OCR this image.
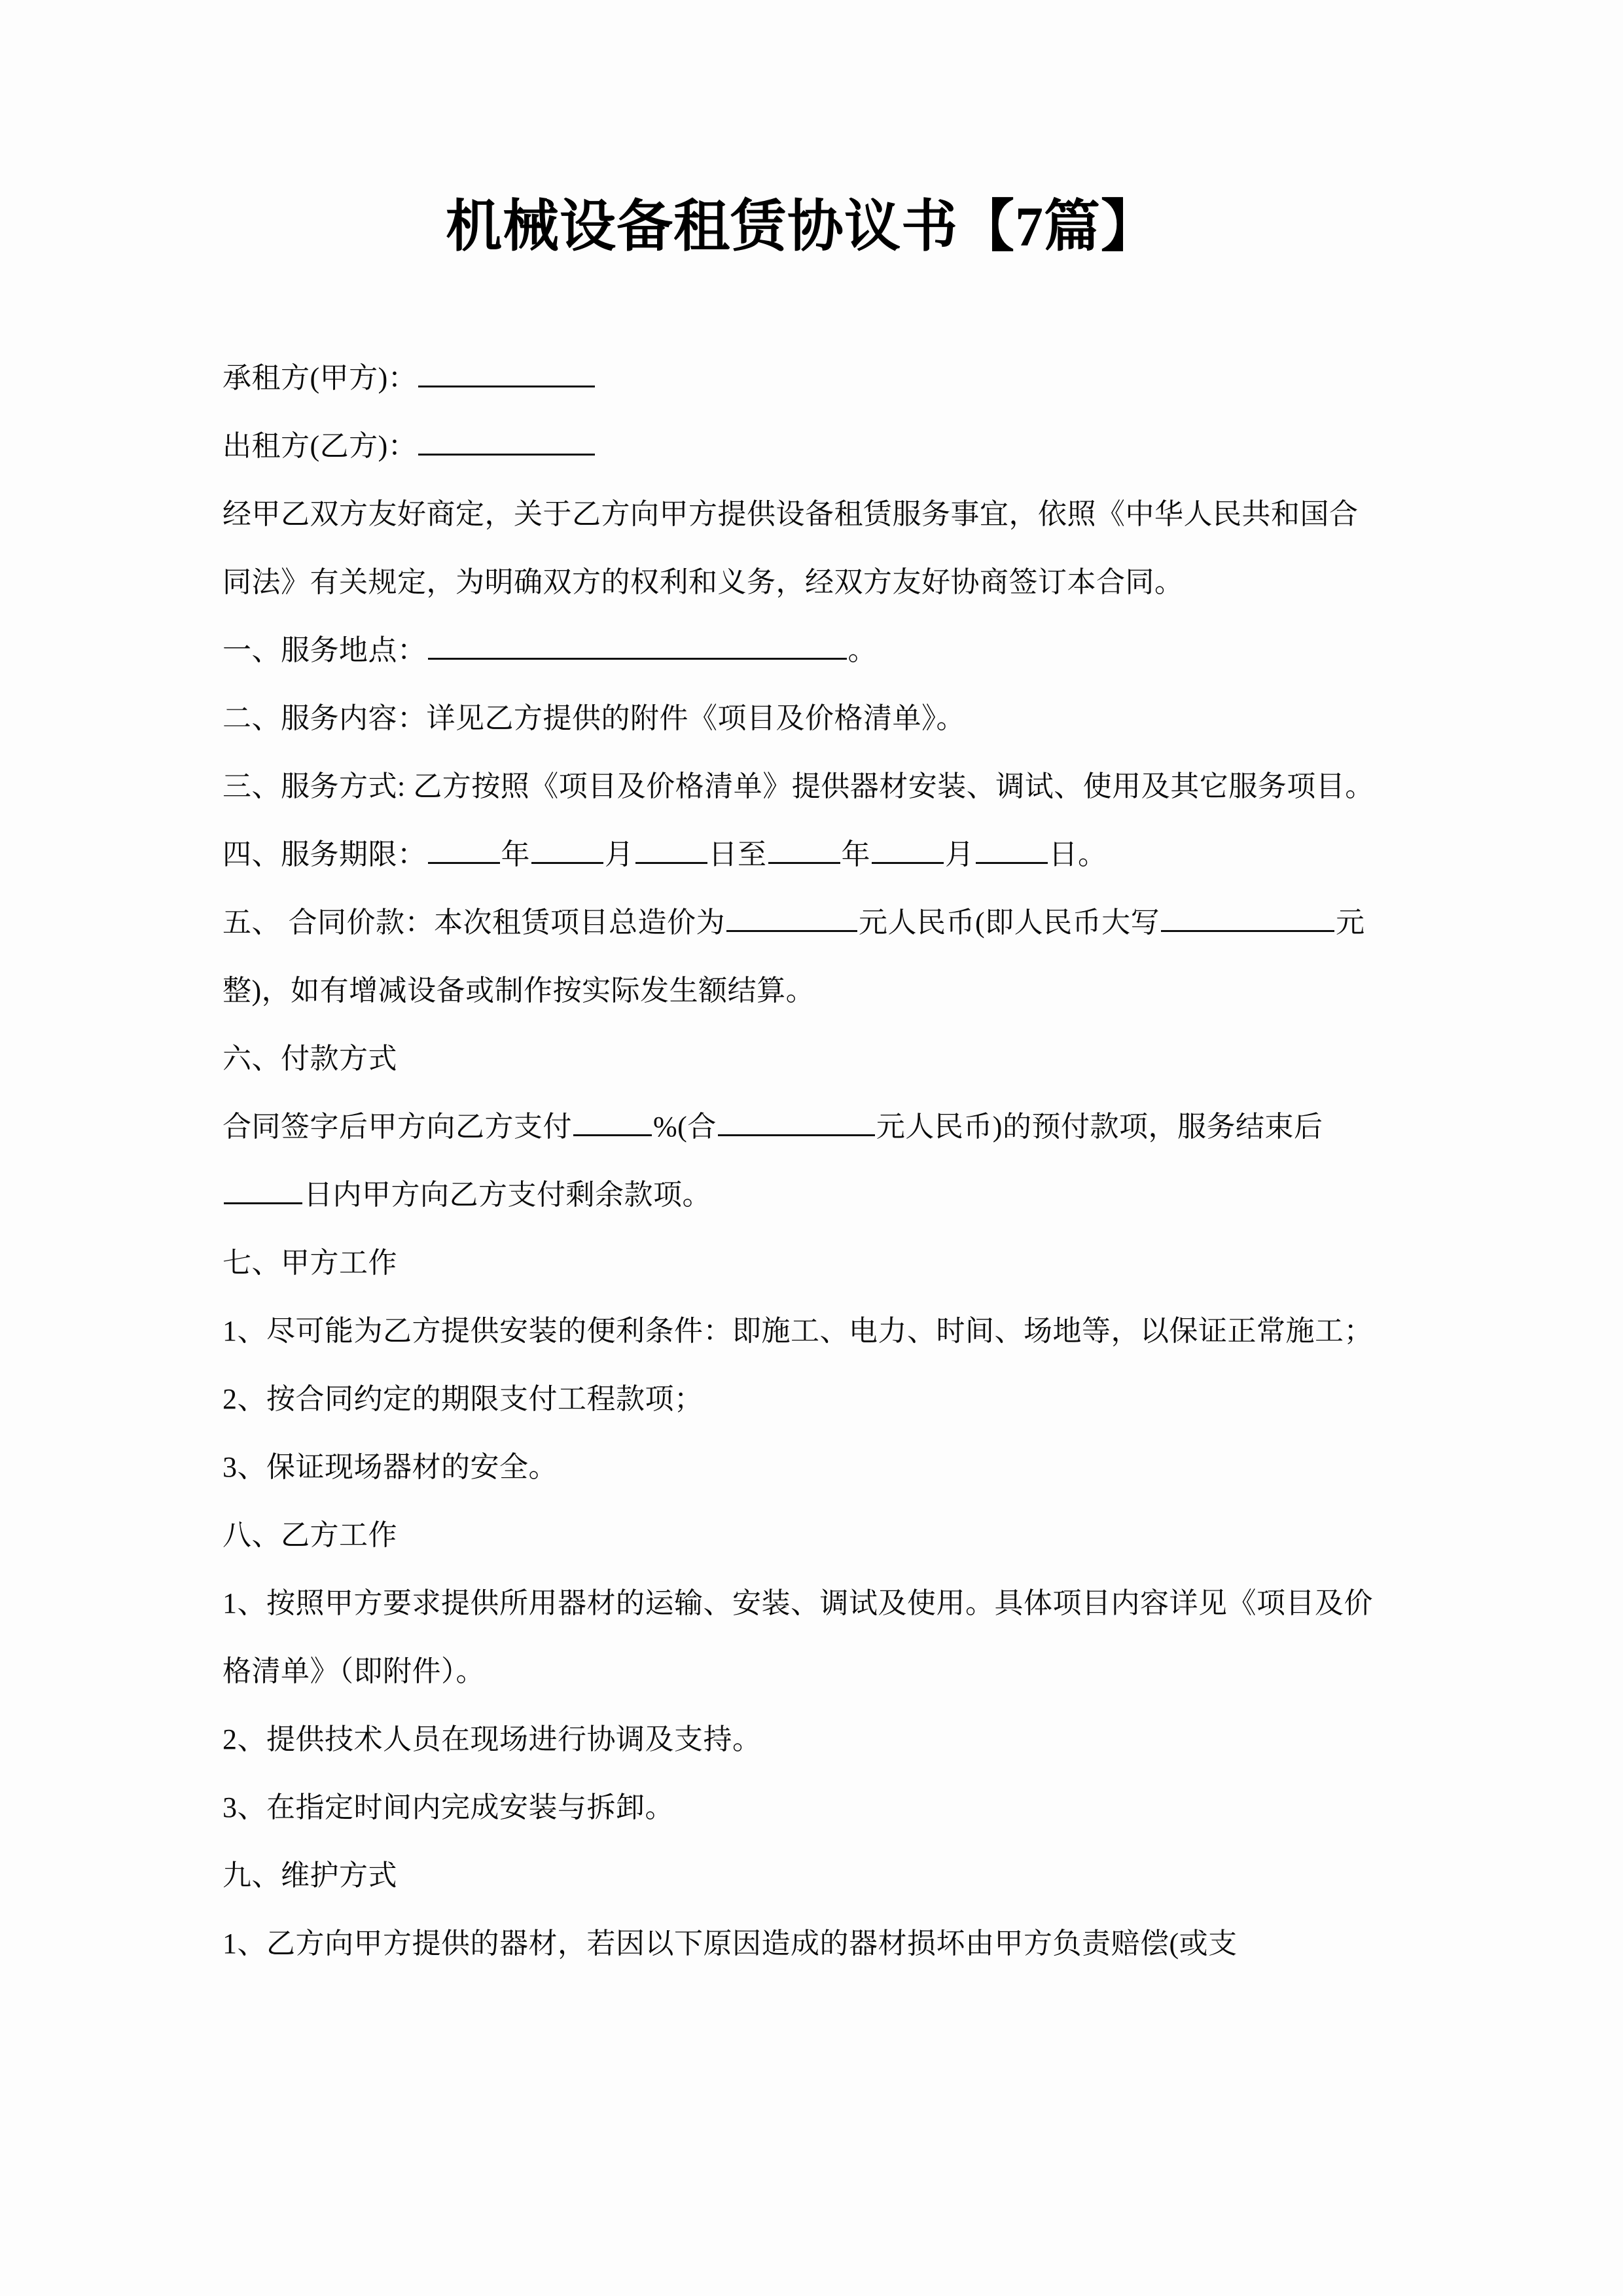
机械设备租赁协议书【7篇】

承租方(甲方)：

出租方(乙方)：

经甲乙双方友好商定，关于乙方向甲方提供设备租赁服务事宜，依照《中华人民共和国合同法》有关规定，为明确双方的权利和义务，经双方友好协商签订本合同。

一、服务地点：	。

二、服务内容：详见乙方提供的附件《项目及价格清单》。

三、服务方式: 乙方按照《项目及价格清单》提供器材安装、调试、使用及其它服务项目。

四、服务期限：	年	月	日至	年	月	日。

五、 合同价款：本次租赁项目总造价为	元人民币(即人民币大写	元整)，如有增减设备或制作按实际发生额结算。

六、付款方式

合同签字后甲方向乙方支付	%(合	元人民币)的预付款项，服务结束后日内甲方向乙方支付剩余款项。

七、甲方工作

1、尽可能为乙方提供安装的便利条件：即施工、电力、时间、场地等，以保证正常施工；

2、按合同约定的期限支付工程款项；

3、保证现场器材的安全。

八、乙方工作

1、按照甲方要求提供所用器材的运输、安装、调试及使用。具体项目内容详见《项目及价格清单》（即附件）。

2、提供技术人员在现场进行协调及支持。

3、在指定时间内完成安装与拆卸。

九、维护方式

1、乙方向甲方提供的器材，若因以下原因造成的器材损坏由甲方负责赔偿(或支
